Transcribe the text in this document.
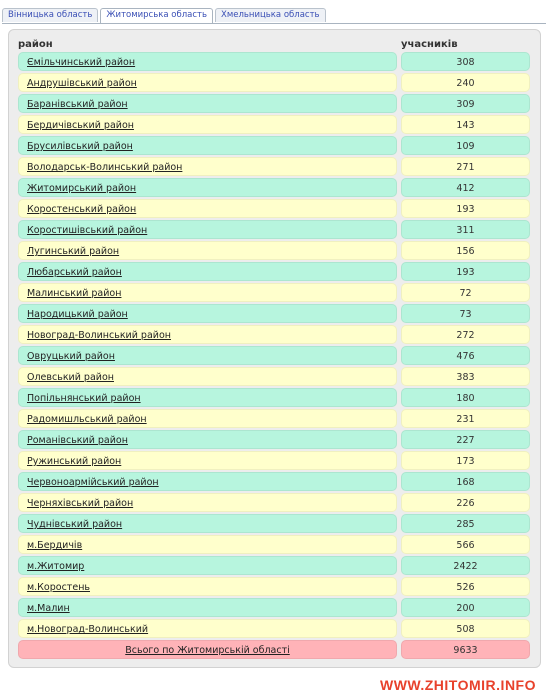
Вінницька область	Житомирська область	Хмельницька область
район	учасників
Ємільчинський район	308
Андрушівський район	240
Баранівський район	309
Бердичівський район	143
Брусилівський район	109
Володарськ-Волинський район	271
Житомирський район	412
Коростенський район	193
Коростишівський район	311
Лугинський район	156
Любарський район	193
Малинський район	72
Народицький район	73
Новоград-Волинський район	272
Овруцький район	476
Олевський район	383
Попільнянський район	180
Радомишльський район	231
Романівський район	227
Ружинський район	173
Червоноармійський район	168
Черняхівський район	226
Чуднівський район	285
м.Бердичів	566
м.Житомир	2422
м.Коростень	526
м.Малин	200
м.Новоград-Волинський	508
Всього по Житомирській області	9633
WWW.ZHITOMIR.INFO
